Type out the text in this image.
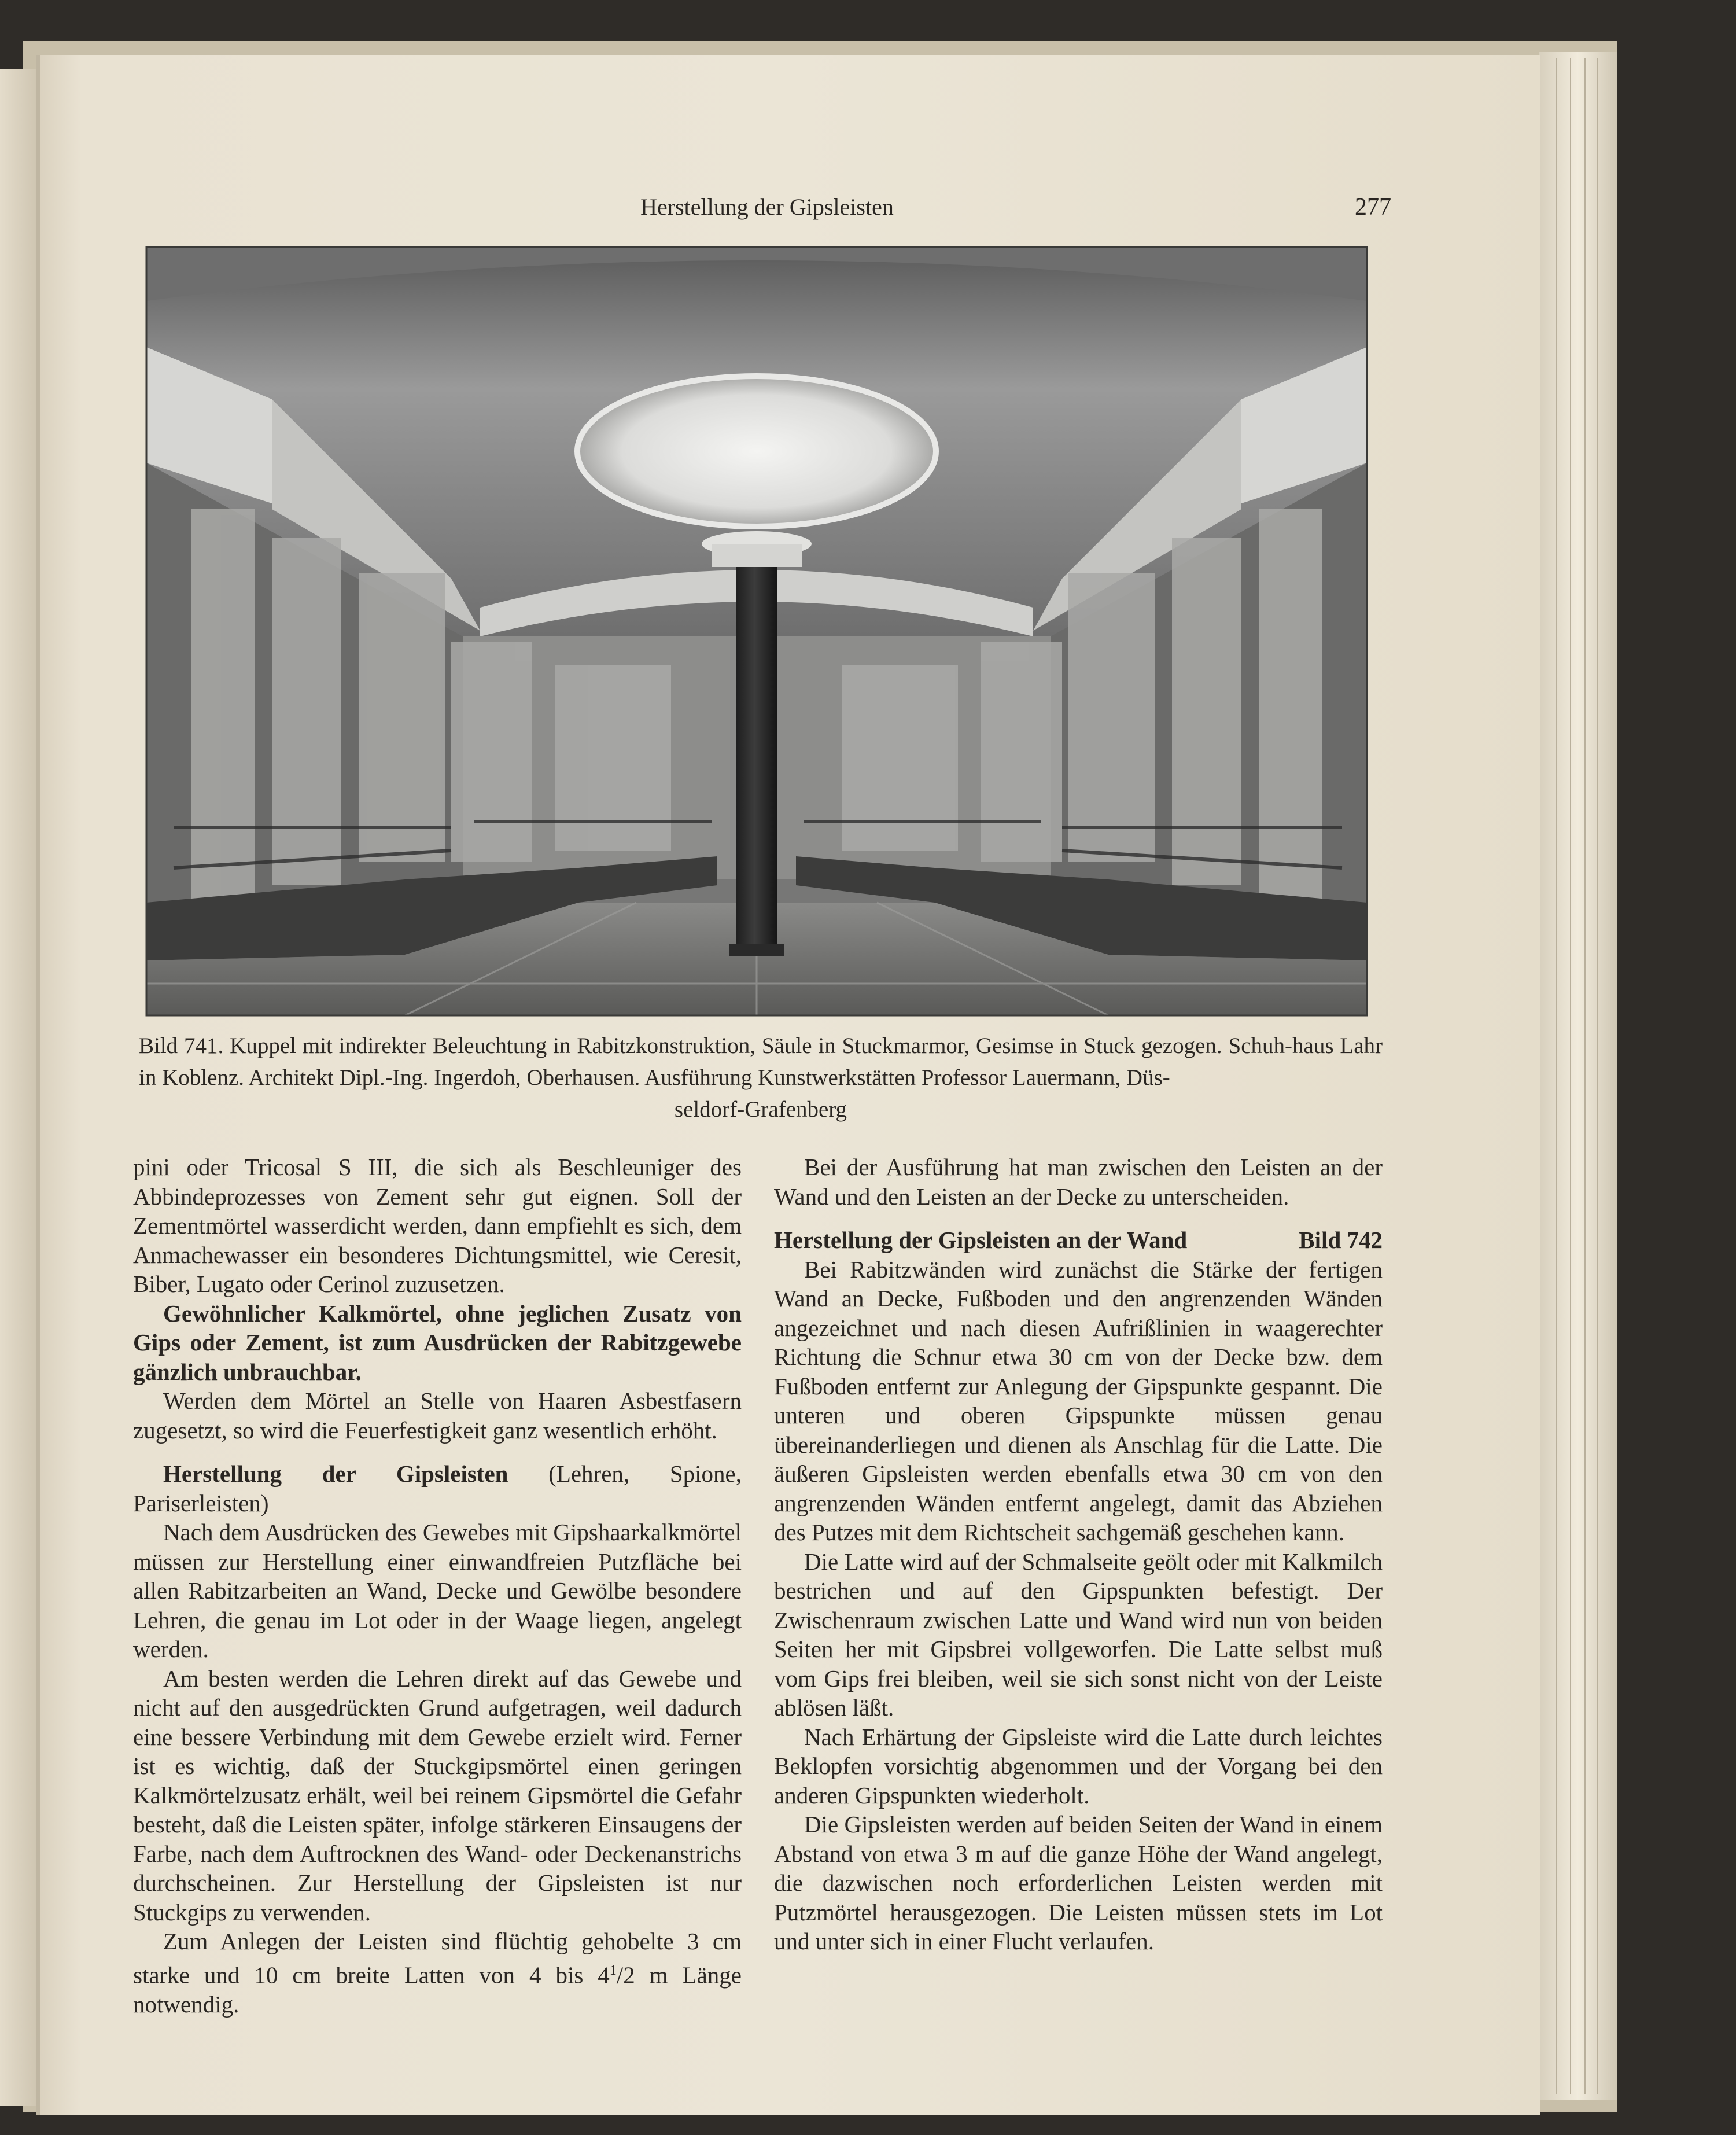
Herstellung der Gipsleisten	277
Bild 741. Kuppel mit indirekter Beleuchtung in Rabitzkonstruktion, Säule in Stuckmarmor, Gesimse in Stuck gezogen. Schuh-haus Lahr in Koblenz. Architekt Dipl.-Ing. Ingerdoh, Oberhausen. Ausführung Kunstwerkstätten Professor Lauermann, Düs-
seldorf-Grafenberg

pini oder Tricosal S III, die sich als Beschleuniger des Abbindeprozesses von Zement sehr gut eignen. Soll der Zementmörtel wasserdicht werden, dann empfiehlt es sich, dem Anmachewasser ein besonderes Dichtungsmittel, wie Ceresit, Biber, Lugato oder Cerinol zuzusetzen.

Gewöhnlicher Kalkmörtel, ohne jeglichen Zusatz von Gips oder Zement, ist zum Ausdrücken der Rabitzgewebe gänzlich unbrauchbar.

Werden dem Mörtel an Stelle von Haaren Asbestfasern zugesetzt, so wird die Feuerfestigkeit ganz wesentlich erhöht.

Herstellung der Gipsleisten (Lehren, Spione, Pariserleisten)

Nach dem Ausdrücken des Gewebes mit Gipshaarkalkmörtel müssen zur Herstellung einer einwandfreien Putzfläche bei allen Rabitzarbeiten an Wand, Decke und Gewölbe besondere Lehren, die genau im Lot oder in der Waage liegen, angelegt werden.

Am besten werden die Lehren direkt auf das Gewebe und nicht auf den ausgedrückten Grund aufgetragen, weil dadurch eine bessere Verbindung mit dem Gewebe erzielt wird. Ferner ist es wichtig, daß der Stuckgipsmörtel einen geringen Kalkmörtelzusatz erhält, weil bei reinem Gipsmörtel die Gefahr besteht, daß die Leisten später, infolge stärkeren Einsaugens der Farbe, nach dem Auftrocknen des Wand- oder Deckenanstrichs durchscheinen. Zur Herstellung der Gipsleisten ist nur Stuckgips zu verwenden.

Zum Anlegen der Leisten sind flüchtig gehobelte 3 cm starke und 10 cm breite Latten von 4 bis $4^1/2$ m Länge notwendig.

Bei der Ausführung hat man zwischen den Leisten an der Wand und den Leisten an der Decke zu unterscheiden.

Herstellung der Gipsleisten an der Wand	Bild 742

Bei Rabitzwänden wird zunächst die Stärke der fertigen Wand an Decke, Fußboden und den angrenzenden Wänden angezeichnet und nach diesen Aufrißlinien in waagerechter Richtung die Schnur etwa 30 cm von der Decke bzw. dem Fußboden entfernt zur Anlegung der Gipspunkte gespannt. Die unteren und oberen Gipspunkte müssen genau übereinanderliegen und dienen als Anschlag für die Latte. Die äußeren Gipsleisten werden ebenfalls etwa 30 cm von den angrenzenden Wänden entfernt angelegt, damit das Abziehen des Putzes mit dem Richtscheit sachgemäß geschehen kann.

Die Latte wird auf der Schmalseite geölt oder mit Kalkmilch bestrichen und auf den Gipspunkten befestigt. Der Zwischenraum zwischen Latte und Wand wird nun von beiden Seiten her mit Gipsbrei vollgeworfen. Die Latte selbst muß vom Gips frei bleiben, weil sie sich sonst nicht von der Leiste ablösen läßt.

Nach Erhärtung der Gipsleiste wird die Latte durch leichtes Beklopfen vorsichtig abgenommen und der Vorgang bei den anderen Gipspunkten wiederholt.

Die Gipsleisten werden auf beiden Seiten der Wand in einem Abstand von etwa 3 m auf die ganze Höhe der Wand angelegt, die dazwischen noch erforderlichen Leisten werden mit Putzmörtel herausgezogen. Die Leisten müssen stets im Lot und unter sich in einer Flucht verlaufen.
